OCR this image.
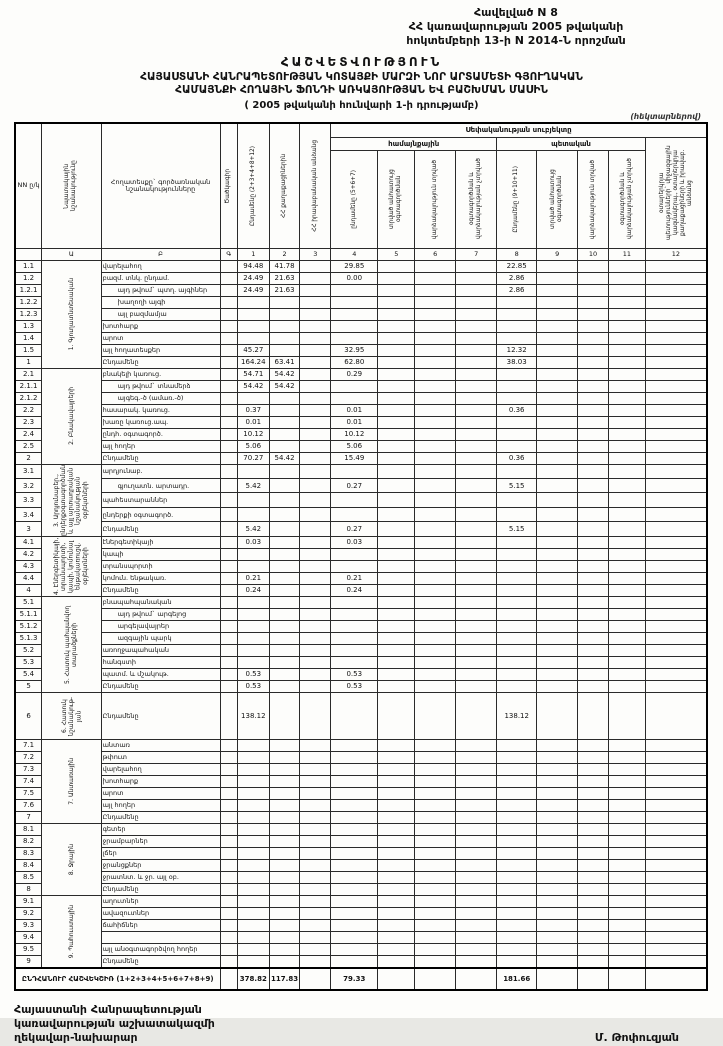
Հավելված N 8
ՀՀ կառավարության 2005 թվականի
հոկտեմբերի 13-ի N 2014-Ն որոշման
ՀԱՇՎԵՏՎՈՒԹՅՈՒՆ
ՀԱՅԱՍՏԱՆԻ ՀԱՆՐԱՊԵՏՈՒԹՅԱՆ ԿՈՏԱՅՔԻ ՄԱՐԶԻ ՆՈՐ ԱՐՏԱՄԵՏԻ ԳՅՈՒՂԱԿԱՆ
ՀԱՄԱՅՆՔԻ ՀՈՂԱՅԻՆ ՖՈՆԴԻ ԱՌԿԱՅՈՒԹՅԱՆ ԵՎ ԲԱՇԽՄԱՆ ՄԱՍԻՆ
( 2005 թվականի հունվարի 1-ի դրությամբ)
(հեկտարներով)
NN ը/կ	Նպատակային նշանակությունը	Հողատեսքը` գործառնական նշանակությունները	Ծածկագիր	Ընդամենը (2+3+4+8+12)	ՀՀ քաղաքացիներին	ՀՀ իրավաբանական անձանց	Սեփականության սուբյեկտը								

							համայնքային				պետական				օտարերկրյա պետությունների` միջազգային կազմակերպ., օտարերկրյա քաղաքացիների և իրավաբ. անձանց

							ընդամենը (5+6+7)	տրված անհատույց օգտագործման	վարձակալություն տրված	օգտագործման և վարձակալության չտրված	Ընդամենը (9+10+11)	տրված անհատույց օգտագործման	վարձակալություն տրված	օգտագործման և վարձակալության չտրված	

	Ա	Բ	Գ	1	2	3	4	5	6	7	8	9	10	11	12
1.1	1. Գյուղատնտեսական	վարելահող		94.48	41.78		29.85				22.85				
1.2		բազմ. տնկ. ընդամ.		24.49	21.63		0.00				2.86				
1.2.1		այդ թվում` պտղ. այգիներ		24.49	21.63						2.86				
1.2.2		խաղողի այգի													
1.2.3		այլ բազմամյա													
1.3		խոտհարք													
1.4		արոտ													
1.5		այլ հողատեսքեր		45.27			32.95				12.32				
1		Ընդամենը		164.24	63.41		62.80				38.03				
2.1	2. Բնակավայրերի	բնակելի կառուց.		54.71	54.42		0.29								
2.1.1		այդ թվում` տնամերձ		54.42	54.42										
2.1.2		այգեգ.-ծ (ամառ.-ծ)													
2.2		հասարակ. կառուց.		0.37			0.01				0.36				
2.3		խառը կառուց.ապ.		0.01			0.01								
2.4		ընդհ. օգտագործ.		10.12			10.12								
2.5		այլ հողեր		5.06			5.06								
2		Ընդամենը		70.27	54.42		15.49				0.36				
3.1	3. Արդյունաբեր., ընդերքօգտագործման և այլ արտադրական նշանակության օբյեկտների	արդյունաբ.													
3.2		գյուղատն. արտադր.		5.42			0.27				5.15				
3.3		պահեստարաններ													
3.4		ընդերքի օգտագործ.													
3		Ընդամենը		5.42			0.27				5.15				
4.1	4. Էներգետիկայի, տրանսպորտի, կապի, կոմունալ ենթակառուցվ. օբյեկտների	էներգետիկայի		0.03			0.03								
4.2		կապի													
4.3		տրանսպորտի													
4.4		կոմուն. ենթակառ.		0.21			0.21								
4		Ընդամենը		0.24			0.24								
5.1	5. Հատուկ պահպանվող տարածքների	բնապահպանական													
5.1.1		այդ թվում` արգելոց													
5.1.2		արգելավայրեր													
5.1.3		ազգային պարկ													
5.2		առողջապահական													
5.3		հանգստի													
5.4		պատմ. և մշակութ.		0.53			0.53								
5		Ընդամենը		0.53			0.53								
6	6. Հատուկ նշանակութ-յան	Ընդամենը		138.12							138.12				
7.1	7. Անտառային	անտառ													
7.2		թփուտ													
7.3		վարելահող													
7.4		խոտհարք													
7.5		արոտ													
7.6		այլ հողեր													
7		Ընդամենը													
8.1	8. Ջրային	գետեր													
8.2		ջրամբարներ													
8.3		լճեր													
8.4		ջրանցքներ													
8.5		ջրատնտ. և ջր. այլ օբ.													
8		Ընդամենը													
9.1	9. Պահուստային	աղուտներ													
9.2		ավազուտներ													
9.3		ճահիճներ													
9.4															
9.5		այլ անօգտագործվող հողեր													
9		Ընդամենը													
ԸՆԴՀԱՆՈՒՐ ՀԱՇՎԵԿՇԻՌ (1+2+3+4+5+6+7+8+9)				378.82	117.83		79.33				181.66				
Հայաստանի Հանրապետության
կառավարության աշխատակազմի
ղեկավար-նախարար	Մ. Թոփուզյան
